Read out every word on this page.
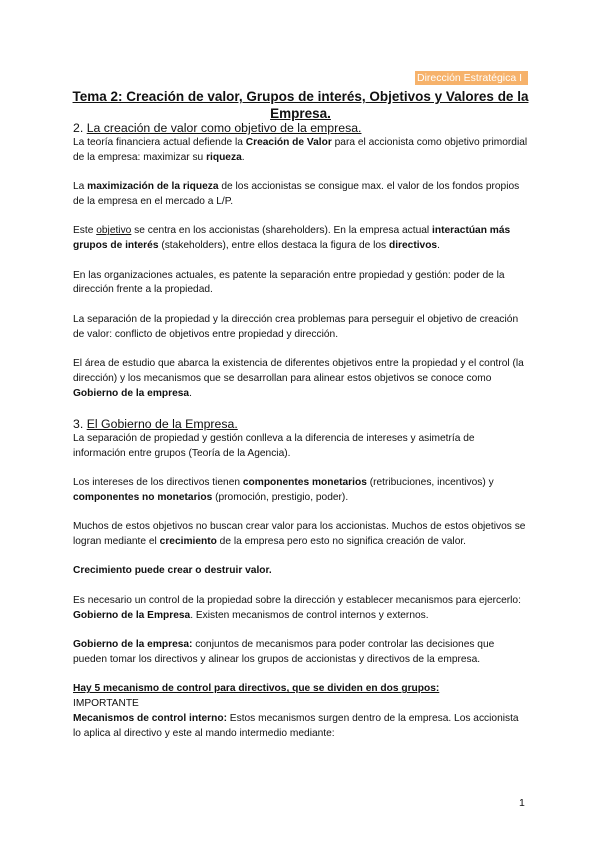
Dirección Estratégica I
Tema 2: Creación de valor, Grupos de interés, Objetivos y Valores de la Empresa.
2. La creación de valor como objetivo de la empresa.

La teoría financiera actual defiende la Creación de Valor para el accionista como objetivo primordial de la empresa: maximizar su riqueza.

La maximización de la riqueza de los accionistas se consigue max. el valor de los fondos propios de la empresa en el mercado a L/P.

Este objetivo se centra en los accionistas (shareholders). En la empresa actual interactúan más grupos de interés (stakeholders), entre ellos destaca la figura de los directivos.

En las organizaciones actuales, es patente la separación entre propiedad y gestión: poder de la dirección frente a la propiedad.

La separación de la propiedad y la dirección crea problemas para perseguir el objetivo de creación de valor: conflicto de objetivos entre propiedad y dirección.

El área de estudio que abarca la existencia de diferentes objetivos entre la propiedad y el control (la dirección) y los mecanismos que se desarrollan para alinear estos objetivos se conoce como Gobierno de la empresa.

3. El Gobierno de la Empresa.

La separación de propiedad y gestión conlleva a la diferencia de intereses y asimetría de información entre grupos (Teoría de la Agencia).

Los intereses de los directivos tienen componentes monetarios (retribuciones, incentivos) y componentes no monetarios (promoción, prestigio, poder).

Muchos de estos objetivos no buscan crear valor para los accionistas. Muchos de estos objetivos se logran mediante el crecimiento de la empresa pero esto no significa creación de valor.

Crecimiento puede crear o destruir valor.

Es necesario un control de la propiedad sobre la dirección y establecer mecanismos para ejercerlo: Gobierno de la Empresa. Existen mecanismos de control internos y externos.

Gobierno de la empresa: conjuntos de mecanismos para poder controlar las decisiones que pueden tomar los directivos y alinear los grupos de accionistas y directivos de la empresa.

Hay 5 mecanismo de control para directivos, que se dividen en dos grupos:

IMPORTANTE

Mecanismos de control interno: Estos mecanismos surgen dentro de la empresa. Los accionista lo aplica al directivo y este al mando intermedio mediante:

1
